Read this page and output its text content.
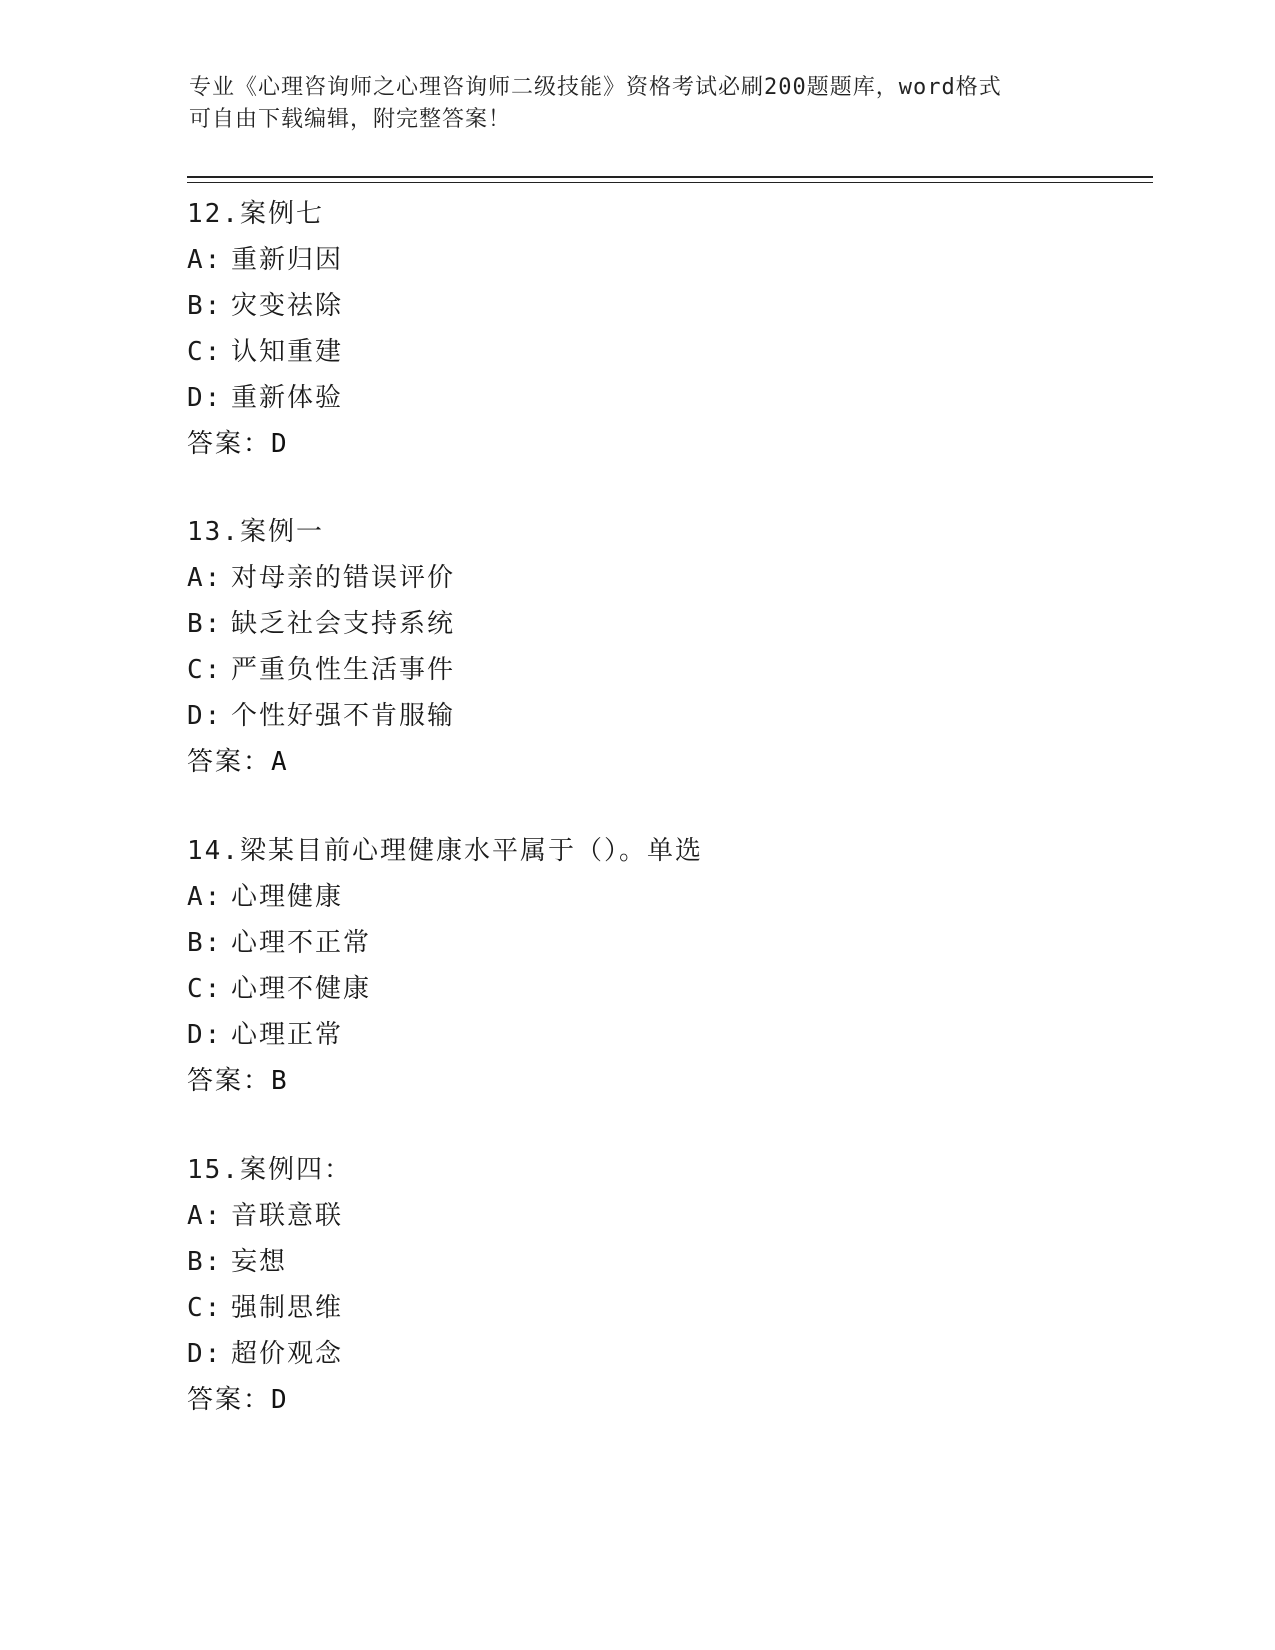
专业《心理咨询师之心理咨询师二级技能》资格考试必刷200题题库，word格式
可自由下载编辑，附完整答案！
12.案例七
A: 重新归因
B: 灾变祛除
C: 认知重建
D: 重新体验
答案：D
13.案例一
A: 对母亲的错误评价
B: 缺乏社会支持系统
C: 严重负性生活事件
D: 个性好强不肯服输
答案：A
14.梁某目前心理健康水平属于（）。单选
A: 心理健康
B: 心理不正常
C: 心理不健康
D: 心理正常
答案：B
15.案例四：
A: 音联意联
B: 妄想
C: 强制思维
D: 超价观念
答案：D
